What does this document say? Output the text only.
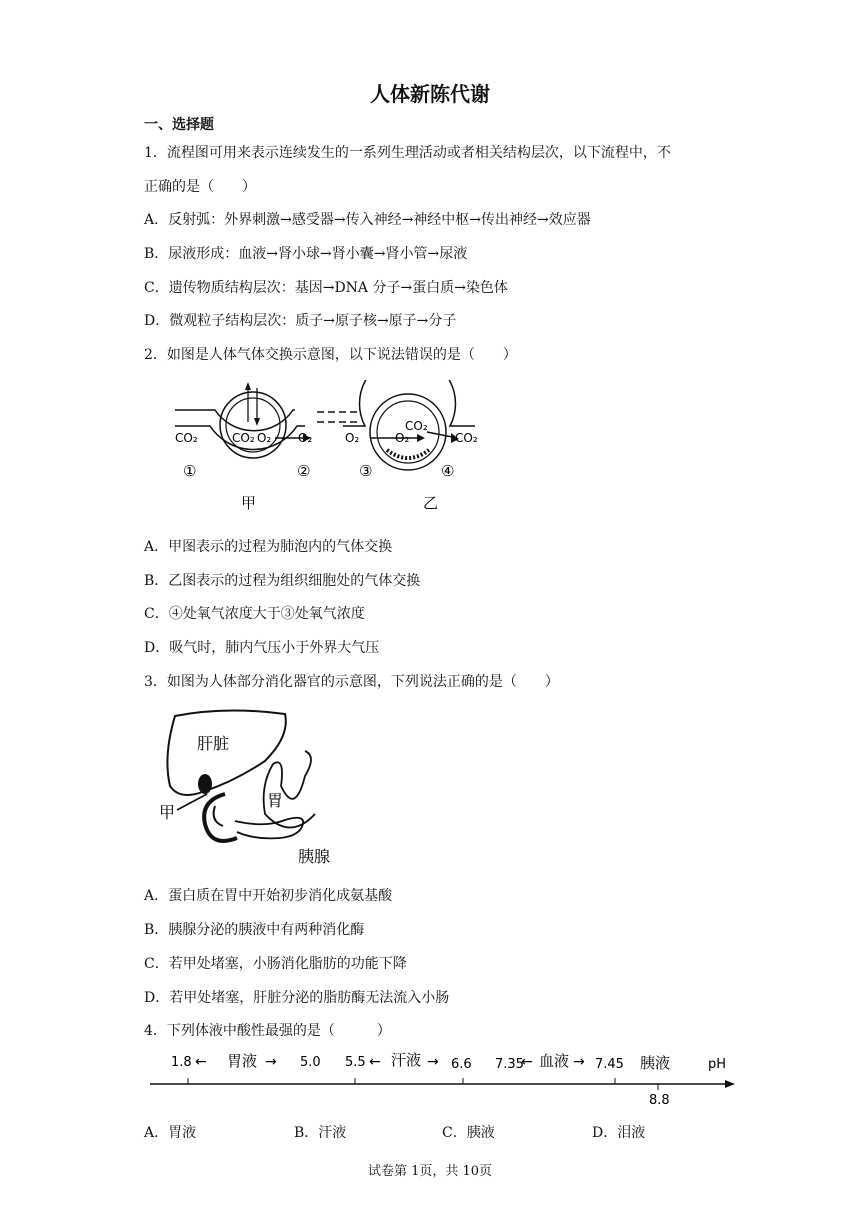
人体新陈代谢
一、选择题
1．流程图可用来表示连续发生的一系列生理活动或者相关结构层次，以下流程中，不
正确的是（　　）
A．反射弧：外界刺激→感受器→传入神经→神经中枢→传出神经→效应器
B．尿液形成：血液→肾小球→肾小囊→肾小管→尿液
C．遗传物质结构层次：基因→DNA 分子→蛋白质→染色体
D．微观粒子结构层次：质子→原子核→原子→分子
2．如图是人体气体交换示意图，以下说法错误的是（　　）
CO₂	CO₂ O₂ O₂
①	②
甲
O₂	O₂
CO₂
CO₂
③	④
乙
A．甲图表示的过程为肺泡内的气体交换
B．乙图表示的过程为组织细胞处的气体交换
C．④处氧气浓度大于③处氧气浓度
D．吸气时，肺内气压小于外界大气压
3．如图为人体部分消化器官的示意图，下列说法正确的是（　　）
肝脏
胃
甲
胰腺
A．蛋白质在胃中开始初步消化成氨基酸
B．胰腺分泌的胰液中有两种消化酶
C．若甲处堵塞，小肠消化脂肪的功能下降
D．若甲处堵塞，肝脏分泌的脂肪酶无法流入小肠
4．下列体液中酸性最强的是（　　　）
1.8 ← 胃液 → 5.0 5.5 ← 汗液 → 6.6 7.35
← 血液 → 7.45 胰液
8.8
pH
A．胃液	B．汗液	C．胰液	D．泪液
试卷第 1页，共 10页
